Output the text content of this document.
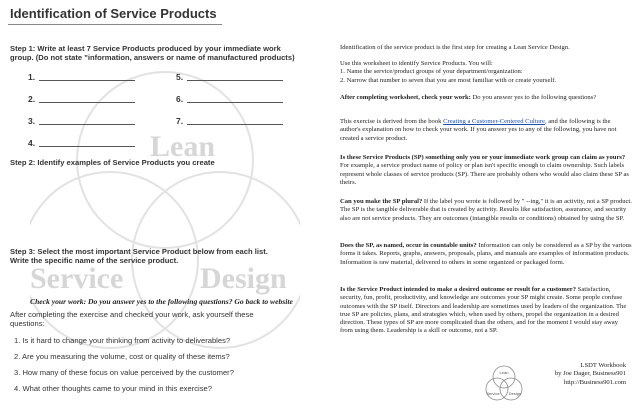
Lean
Service	Design
Identification of Service Products
Step 1: Write at least 7 Service Products produced by your immediate work
group. (Do not state "information, answers or name of manufactured products)
1.
2.
3.
4.
5.
6.
7.
Step 2: Identify examples of Service Products you create
Step 3: Select the most important Service Product below from each list.
Write the specific name of the service product.
Check your work: Do you answer yes to the following questions? Go back to website
After completing the exercise and checked your work, ask yourself these
questions:
1. Is it hard to change your thinking from activity to deliverables?
2. Are you measuring the volume, cost or quality of these items?
3. How many of these focus on value perceived by the customer?
4. What other thoughts came to your mind in this exercise?

Identification of the service product is the first step for creating a Lean Service Design.

Use this worksheet to identify Service Products. You will:
1. Name the service/product groups of your department/organization:
2. Narrow that number to seven that you are most familiar with or create yourself.

After completing worksheet, check your work: Do you answer yes to the following questions?

This exercise is derived from the book Creating a Customer-Centered Culture, and the following is the author's explanation on how to check your work. If you answer yes to any of the following, you have not created a service product.

Is these Service Products (SP) something only you or your immediate work group can claim as yours? For example, a service product name of policy or plan isn't specific enough to claim ownership. Such labels represent whole classes of service products (SP). There are probably others who would also claim these SP as theirs.

Can you make the SP plural? If the label you wrote is followed by " --ing," it is an activity, not a SP product. The SP is the tangible deliverable that is created by activity. Results like satisfaction, assurance, and security also are not service products. They are outcomes (intangible results or conditions) obtained by using the SP.

Does the SP, as named, occur in countable units? Information can only be considered as a SP by the various forms it takes. Reports, graphs, answers, proposals, plans, and manuals are examples of information products. Information is raw material, delivered to others in some organized or packaged form.

Is the Service Product intended to make a desired outcome or result for a customer? Satisfaction, security, fun, profit, productivity, and knowledge are outcomes your SP might create. Some people confuse outcomes with the SP itself. Directors and leadership are sometimes used by leaders of the organization. The true SP are policies, plans, and strategies which, when used by others, propel the organization in a desired direction. These types of SP are more complicated than the others, and for the moment I would stay away from using them. Leadership is a skill or outcome, not a SP.

Lean
Service Design
LSDT Workbook
by Joe Dager, Business901
http://Business901.com
